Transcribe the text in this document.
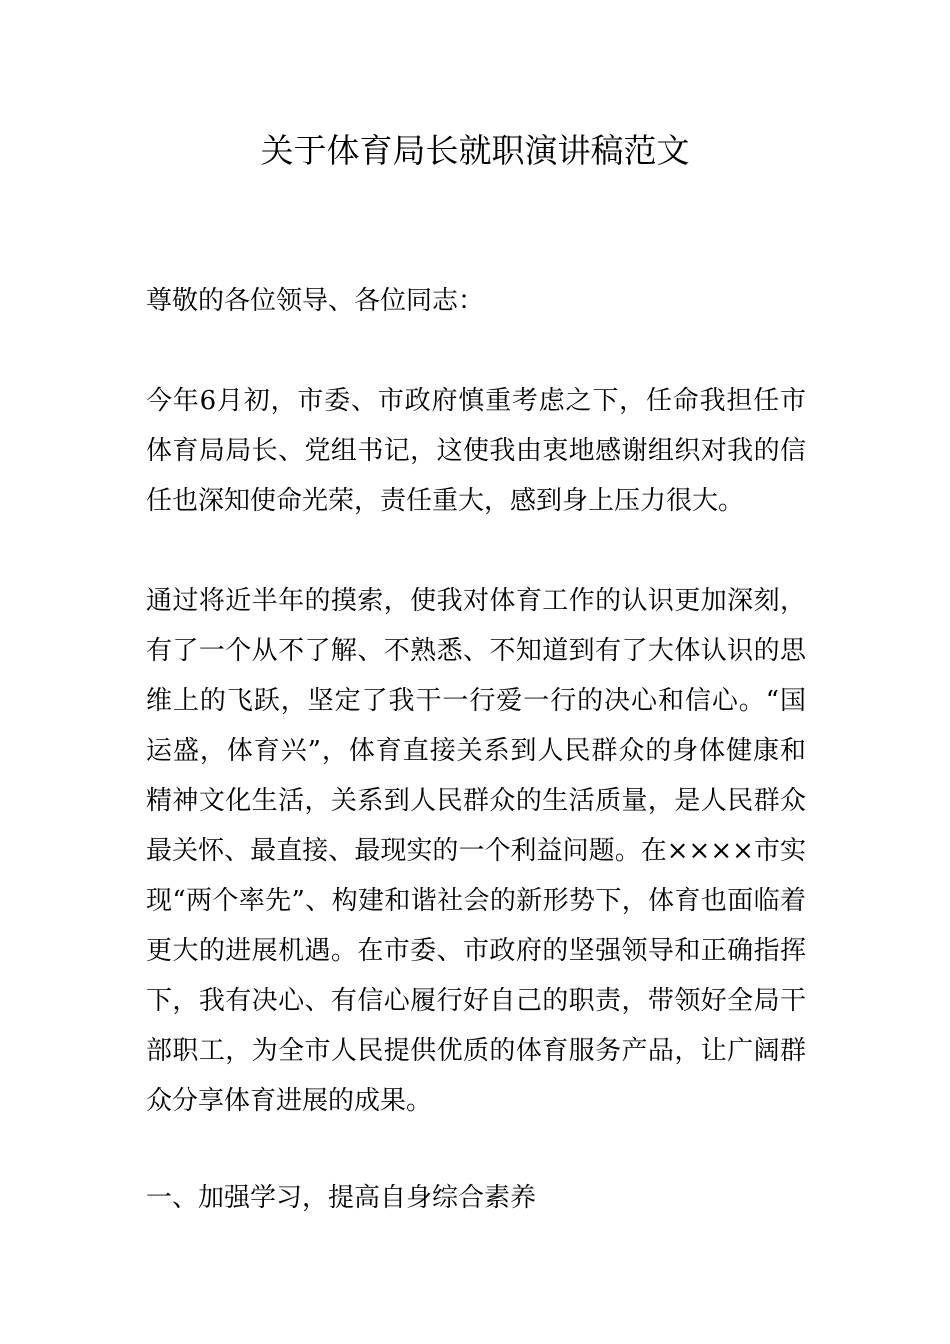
关于体育局长就职演讲稿范文

尊敬的各位领导、各位同志：

今年6月初，市委、市政府慎重考虑之下，任命我担任市体育局局长、党组书记，这使我由衷地感谢组织对我的信任也深知使命光荣，责任重大，感到身上压力很大。

通过将近半年的摸索，使我对体育工作的认识更加深刻，有了一个从不了解、不熟悉、不知道到有了大体认识的思维上的飞跃，坚定了我干一行爱一行的决心和信心。“国运盛，体育兴”，体育直接关系到人民群众的身体健康和精神文化生活，关系到人民群众的生活质量，是人民群众最关怀、最直接、最现实的一个利益问题。在××××市实现“两个率先”、构建和谐社会的新形势下，体育也面临着更大的进展机遇。在市委、市政府的坚强领导和正确指挥下，我有决心、有信心履行好自己的职责，带领好全局干部职工，为全市人民提供优质的体育服务产品，让广阔群众分享体育进展的成果。

一、加强学习，提高自身综合素养
